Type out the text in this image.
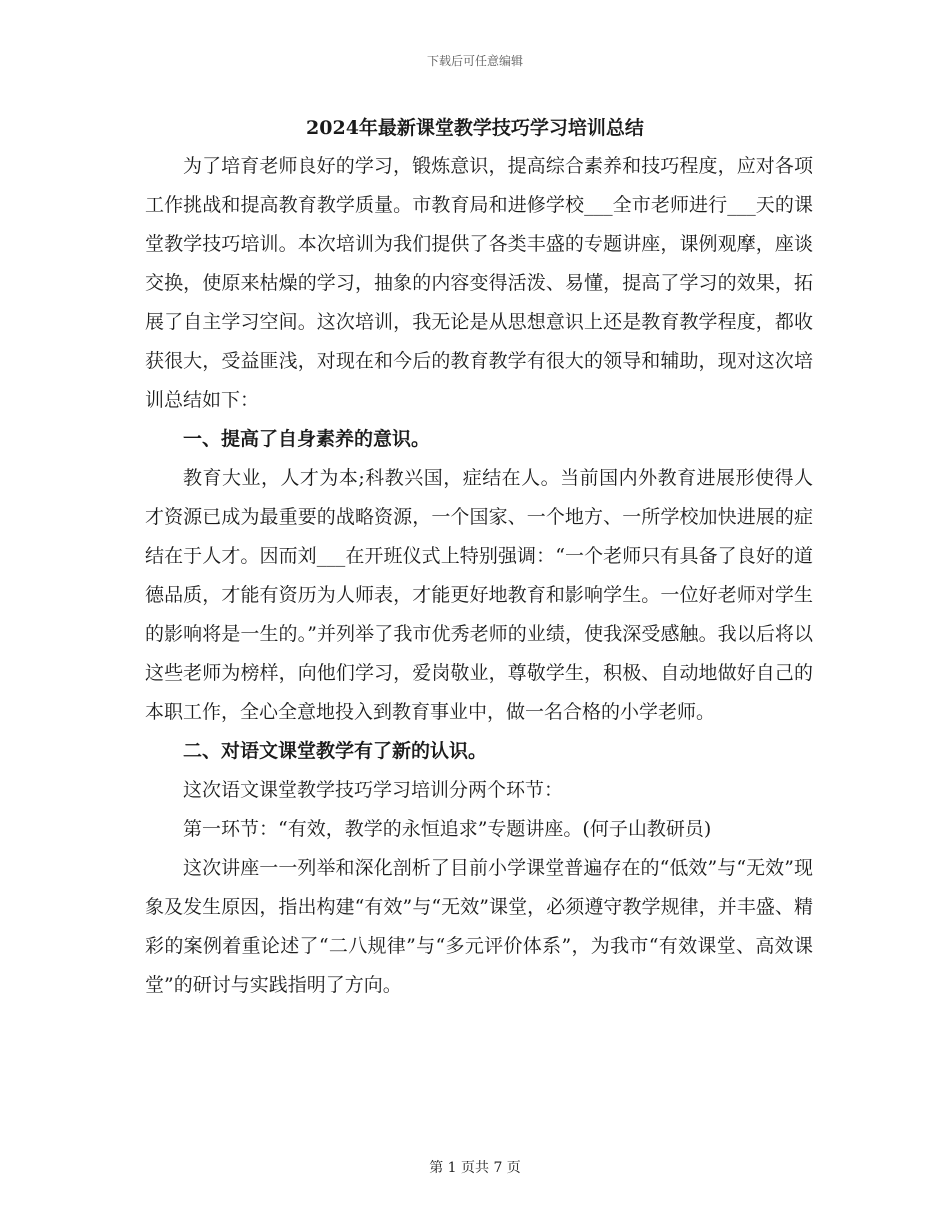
下载后可任意编辑
2024年最新课堂教学技巧学习培训总结

为了培育老师良好的学习，锻炼意识，提高综合素养和技巧程度，应对各项工作挑战和提高教育教学质量。市教育局和进修学校___全市老师进行___天的课堂教学技巧培训。本次培训为我们提供了各类丰盛的专题讲座，课例观摩，座谈交换，使原来枯燥的学习，抽象的内容变得活泼、易懂，提高了学习的效果，拓展了自主学习空间。这次培训，我无论是从思想意识上还是教育教学程度，都收获很大，受益匪浅，对现在和今后的教育教学有很大的领导和辅助，现对这次培训总结如下：

一、提高了自身素养的意识。

教育大业，人才为本;科教兴国，症结在人。当前国内外教育进展形使得人才资源已成为最重要的战略资源，一个国家、一个地方、一所学校加快进展的症结在于人才。因而刘___在开班仪式上特别强调：“一个老师只有具备了良好的道德品质，才能有资历为人师表，才能更好地教育和影响学生。一位好老师对学生的影响将是一生的。”并列举了我市优秀老师的业绩，使我深受感触。我以后将以这些老师为榜样，向他们学习，爱岗敬业，尊敬学生，积极、自动地做好自己的本职工作，全心全意地投入到教育事业中，做一名合格的小学老师。

二、对语文课堂教学有了新的认识。

这次语文课堂教学技巧学习培训分两个环节：

第一环节：“有效，教学的永恒追求”专题讲座。(何子山教研员)

这次讲座一一列举和深化剖析了目前小学课堂普遍存在的“低效”与“无效”现象及发生原因，指出构建“有效”与“无效”课堂，必须遵守教学规律，并丰盛、精彩的案例着重论述了“二八规律”与“多元评价体系”，为我市“有效课堂、高效课堂”的研讨与实践指明了方向。

第 1 页共 7 页
